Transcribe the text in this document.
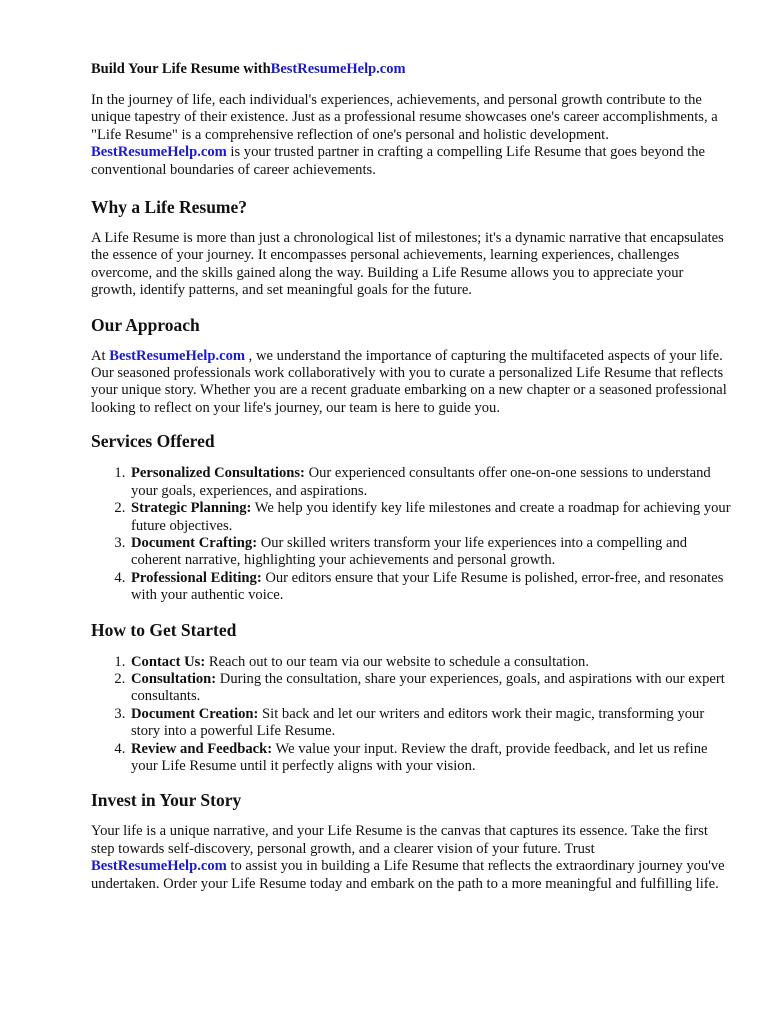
Build Your Life Resume withBestResumeHelp.com

In the journey of life, each individual's experiences, achievements, and personal growth contribute to the unique tapestry of their existence. Just as a professional resume showcases one's career accomplishments, a "Life Resume" is a comprehensive reflection of one's personal and holistic development. BestResumeHelp.com is your trusted partner in crafting a compelling Life Resume that goes beyond the conventional boundaries of career achievements.

Why a Life Resume?

A Life Resume is more than just a chronological list of milestones; it's a dynamic narrative that encapsulates the essence of your journey. It encompasses personal achievements, learning experiences, challenges overcome, and the skills gained along the way. Building a Life Resume allows you to appreciate your growth, identify patterns, and set meaningful goals for the future.

Our Approach

At BestResumeHelp.com , we understand the importance of capturing the multifaceted aspects of your life. Our seasoned professionals work collaboratively with you to curate a personalized Life Resume that reflects your unique story. Whether you are a recent graduate embarking on a new chapter or a seasoned professional looking to reflect on your life's journey, our team is here to guide you.

Services Offered
1. Personalized Consultations: Our experienced consultants offer one-on-one sessions to understand your goals, experiences, and aspirations.
2. Strategic Planning: We help you identify key life milestones and create a roadmap for achieving your future objectives.
3. Document Crafting: Our skilled writers transform your life experiences into a compelling and coherent narrative, highlighting your achievements and personal growth.
4. Professional Editing: Our editors ensure that your Life Resume is polished, error-free, and resonates with your authentic voice.
How to Get Started
1. Contact Us: Reach out to our team via our website to schedule a consultation.
2. Consultation: During the consultation, share your experiences, goals, and aspirations with our expert consultants.
3. Document Creation: Sit back and let our writers and editors work their magic, transforming your story into a powerful Life Resume.
4. Review and Feedback: We value your input. Review the draft, provide feedback, and let us refine your Life Resume until it perfectly aligns with your vision.
Invest in Your Story

Your life is a unique narrative, and your Life Resume is the canvas that captures its essence. Take the first step towards self-discovery, personal growth, and a clearer vision of your future. Trust BestResumeHelp.com to assist you in building a Life Resume that reflects the extraordinary journey you've undertaken. Order your Life Resume today and embark on the path to a more meaningful and fulfilling life.
